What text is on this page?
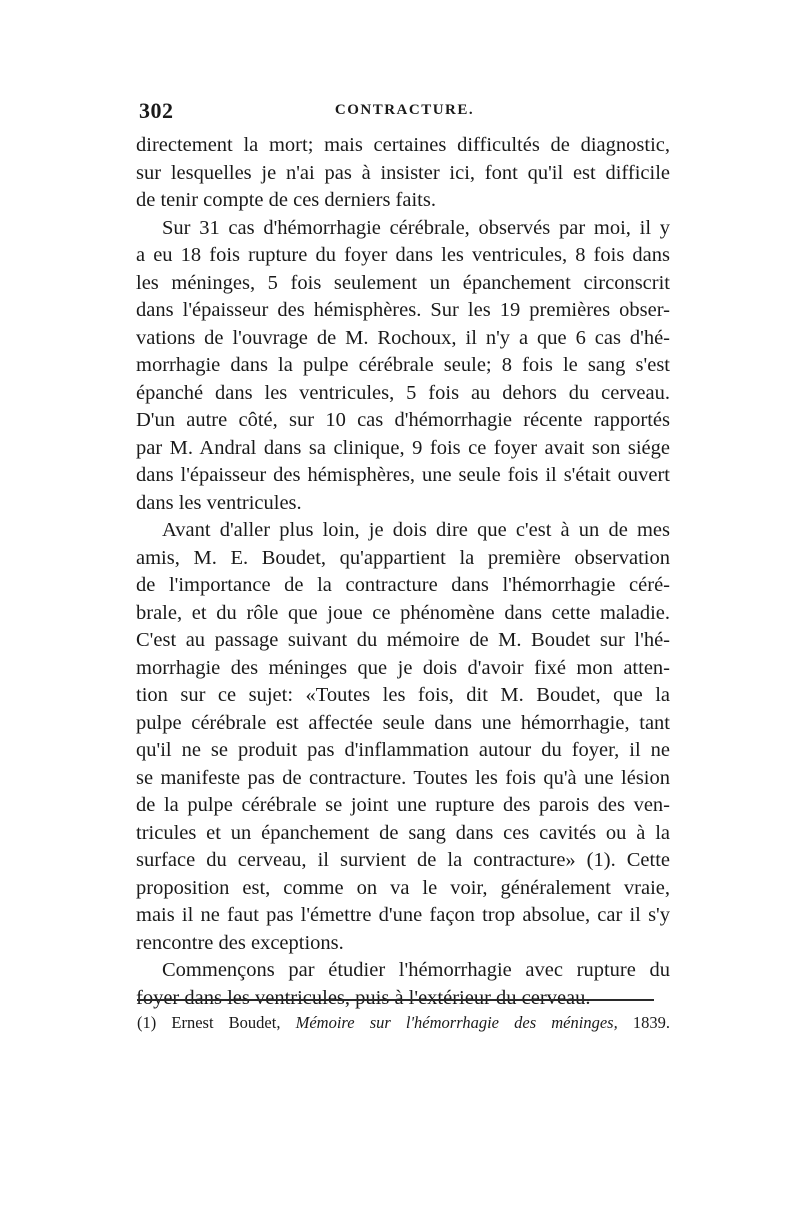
302	CONTRACTURE.
directement la mort; mais certaines difficultés de diagnostic,
sur lesquelles je n'ai pas à insister ici, font qu'il est difficile
de tenir compte de ces derniers faits.
Sur 31 cas d'hémorrhagie cérébrale, observés par moi, il y
a eu 18 fois rupture du foyer dans les ventricules, 8 fois dans
les méninges, 5 fois seulement un épanchement circonscrit
dans l'épaisseur des hémisphères. Sur les 19 premières obser-
vations de l'ouvrage de M. Rochoux, il n'y a que 6 cas d'hé-
morrhagie dans la pulpe cérébrale seule; 8 fois le sang s'est
épanché dans les ventricules, 5 fois au dehors du cerveau.
D'un autre côté, sur 10 cas d'hémorrhagie récente rapportés
par M. Andral dans sa clinique, 9 fois ce foyer avait son siége
dans l'épaisseur des hémisphères, une seule fois il s'était ouvert
dans les ventricules.
Avant d'aller plus loin, je dois dire que c'est à un de mes
amis, M. E. Boudet, qu'appartient la première observation
de l'importance de la contracture dans l'hémorrhagie céré-
brale, et du rôle que joue ce phénomène dans cette maladie.
C'est au passage suivant du mémoire de M. Boudet sur l'hé-
morrhagie des méninges que je dois d'avoir fixé mon atten-
tion sur ce sujet: «Toutes les fois, dit M. Boudet, que la
pulpe cérébrale est affectée seule dans une hémorrhagie, tant
qu'il ne se produit pas d'inflammation autour du foyer, il ne
se manifeste pas de contracture. Toutes les fois qu'à une lésion
de la pulpe cérébrale se joint une rupture des parois des ven-
tricules et un épanchement de sang dans ces cavités ou à la
surface du cerveau, il survient de la contracture» (1). Cette
proposition est, comme on va le voir, généralement vraie,
mais il ne faut pas l'émettre d'une façon trop absolue, car il s'y
rencontre des exceptions.
Commençons par étudier l'hémorrhagie avec rupture du
foyer dans les ventricules, puis à l'extérieur du cerveau.
(1) Ernest Boudet, Mémoire sur l'hémorrhagie des méninges, 1839.
